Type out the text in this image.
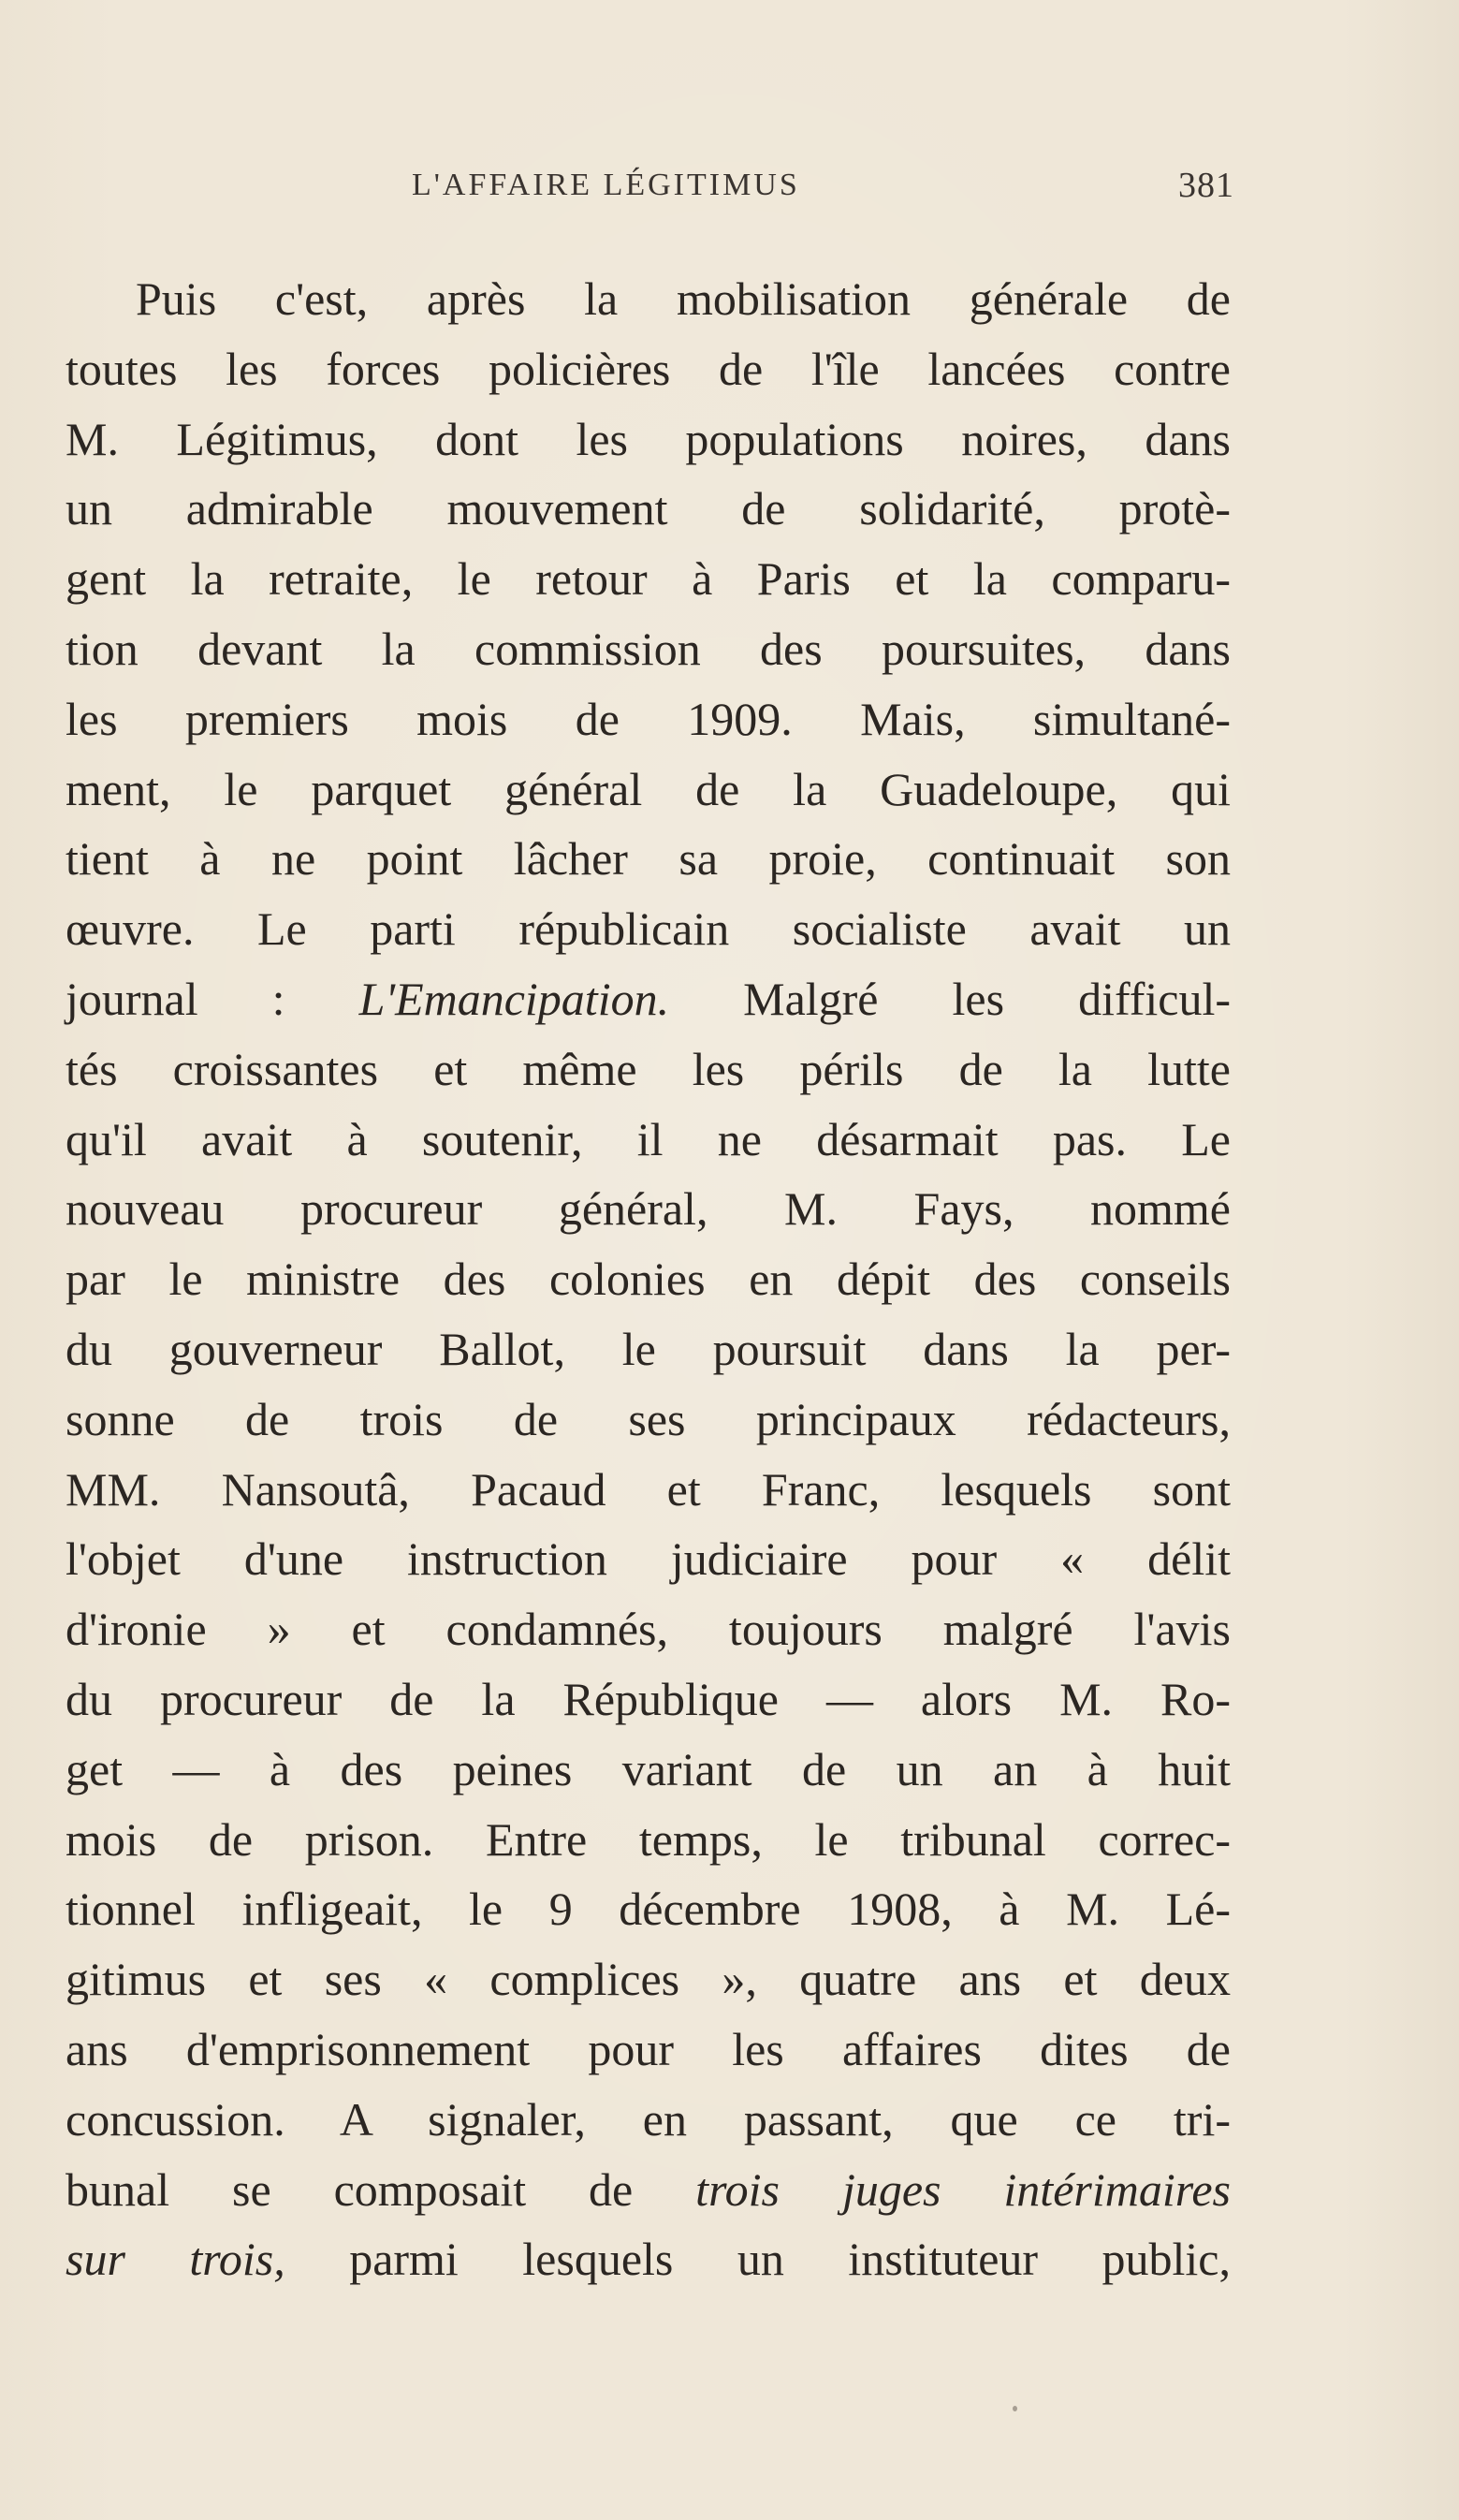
L'AFFAIRE LÉGITIMUS	381
Puis c'est, après la mobilisation générale de
toutes les forces policières de l'île lancées contre
M. Légitimus, dont les populations noires, dans
un admirable mouvement de solidarité, protè-
gent la retraite, le retour à Paris et la comparu-
tion devant la commission des poursuites, dans
les premiers mois de 1909. Mais, simultané-
ment, le parquet général de la Guadeloupe, qui
tient à ne point lâcher sa proie, continuait son
œuvre. Le parti républicain socialiste avait un
journal : L'Emancipation. Malgré les difficul-
tés croissantes et même les périls de la lutte
qu'il avait à soutenir, il ne désarmait pas. Le
nouveau procureur général, M. Fays, nommé
par le ministre des colonies en dépit des conseils
du gouverneur Ballot, le poursuit dans la per-
sonne de trois de ses principaux rédacteurs,
MM. Nansoutâ, Pacaud et Franc, lesquels sont
l'objet d'une instruction judiciaire pour « délit
d'ironie » et condamnés, toujours malgré l'avis
du procureur de la République — alors M. Ro-
get — à des peines variant de un an à huit
mois de prison. Entre temps, le tribunal correc-
tionnel infligeait, le 9 décembre 1908, à M. Lé-
gitimus et ses « complices », quatre ans et deux
ans d'emprisonnement pour les affaires dites de
concussion. A signaler, en passant, que ce tri-
bunal se composait de trois juges intérimaires
sur trois, parmi lesquels un instituteur public,
